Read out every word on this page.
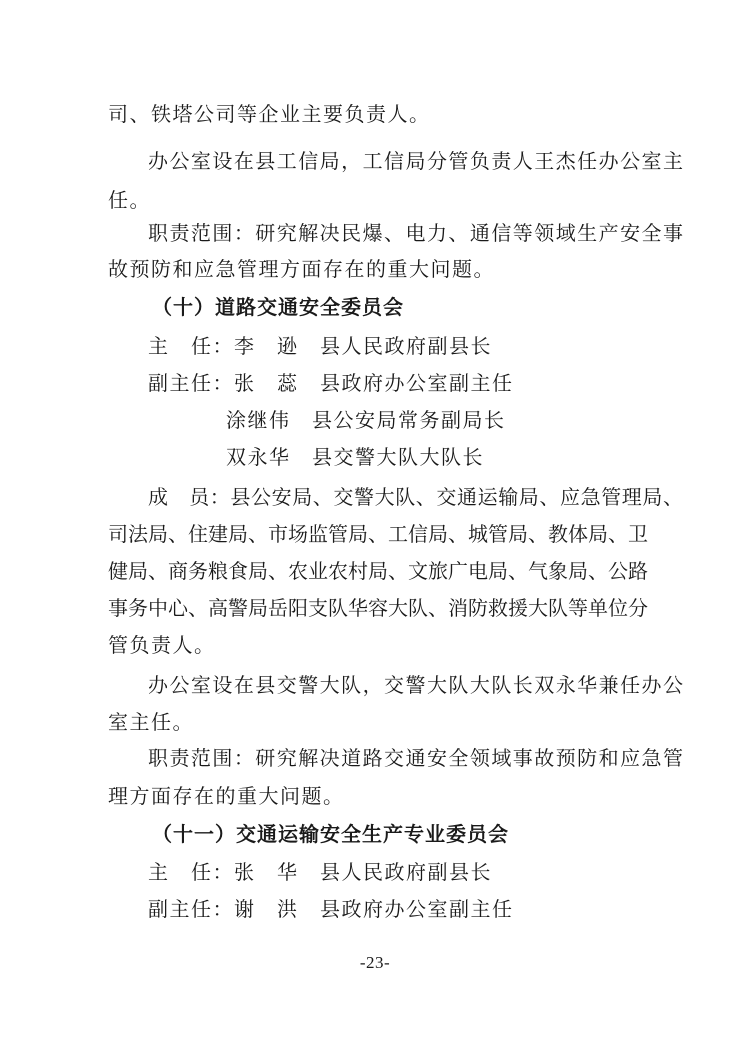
司、铁塔公司等企业主要负责人。
办公室设在县工信局，工信局分管负责人王杰任办公室主
任。
职责范围：研究解决民爆、电力、通信等领域生产安全事
故预防和应急管理方面存在的重大问题。
（十）道路交通安全委员会
主　任：李　逊　县人民政府副县长
副主任：张　蕊　县政府办公室副主任
涂继伟　县公安局常务副局长
双永华　县交警大队大队长
成　员：县公安局、交警大队、交通运输局、应急管理局、
司法局、住建局、市场监管局、工信局、城管局、教体局、卫
健局、商务粮食局、农业农村局、文旅广电局、气象局、公路
事务中心、高警局岳阳支队华容大队、消防救援大队等单位分
管负责人。
办公室设在县交警大队，交警大队大队长双永华兼任办公
室主任。
职责范围：研究解决道路交通安全领域事故预防和应急管
理方面存在的重大问题。
（十一）交通运输安全生产专业委员会
主　任：张　华　县人民政府副县长
副主任：谢　洪　县政府办公室副主任
-23-
